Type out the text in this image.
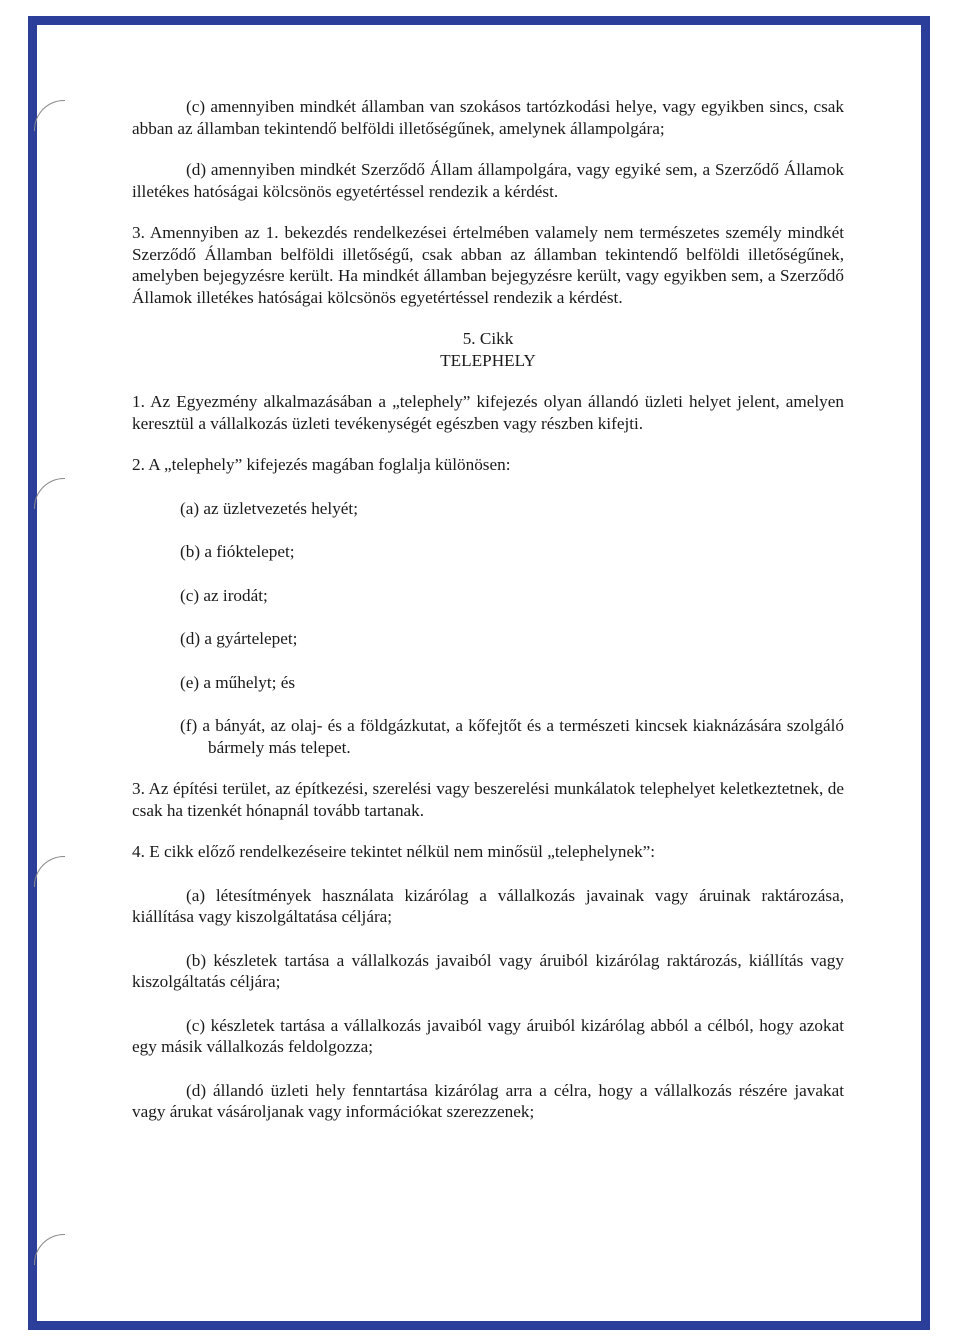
(c) amennyiben mindkét államban van szokásos tartózkodási helye, vagy egyikben sincs, csak abban az államban tekintendő belföldi illetőségűnek, amelynek állampolgára;

(d) amennyiben mindkét Szerződő Állam állampolgára, vagy egyiké sem, a Szerződő Államok illetékes hatóságai kölcsönös egyetértéssel rendezik a kérdést.

3. Amennyiben az 1. bekezdés rendelkezései értelmében valamely nem természetes személy mindkét Szerződő Államban belföldi illetőségű, csak abban az államban tekintendő belföldi illetőségűnek, amelyben bejegyzésre került. Ha mindkét államban bejegyzésre került, vagy egyikben sem, a Szerződő Államok illetékes hatóságai kölcsönös egyetértéssel rendezik a kérdést.

5. Cikk

TELEPHELY

1. Az Egyezmény alkalmazásában a „telephely” kifejezés olyan állandó üzleti helyet jelent, amelyen keresztül a vállalkozás üzleti tevékenységét egészben vagy részben kifejti.

2. A „telephely” kifejezés magában foglalja különösen:

(a) az üzletvezetés helyét;

(b) a fióktelepet;

(c) az irodát;

(d) a gyártelepet;

(e) a műhelyt; és

(f) a bányát, az olaj- és a földgázkutat, a kőfejtőt és a természeti kincsek kiaknázására szolgáló bármely más telepet.

3. Az építési terület, az építkezési, szerelési vagy beszerelési munkálatok telephelyet keletkeztetnek, de csak ha tizenkét hónapnál tovább tartanak.

4. E cikk előző rendelkezéseire tekintet nélkül nem minősül „telephelynek”:

(a) létesítmények használata kizárólag a vállalkozás javainak vagy áruinak raktározása, kiállítása vagy kiszolgáltatása céljára;

(b) készletek tartása a vállalkozás javaiból vagy áruiból kizárólag raktározás, kiállítás vagy kiszolgáltatás céljára;

(c) készletek tartása a vállalkozás javaiból vagy áruiból kizárólag abból a célból, hogy azokat egy másik vállalkozás feldolgozza;

(d) állandó üzleti hely fenntartása kizárólag arra a célra, hogy a vállalkozás részére javakat vagy árukat vásároljanak vagy információkat szerezzenek;
